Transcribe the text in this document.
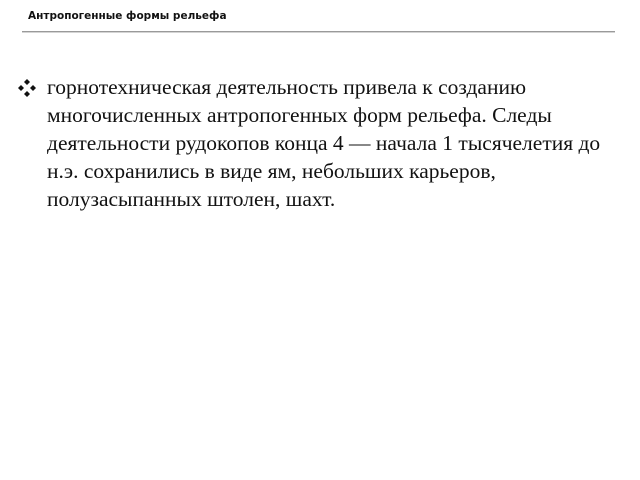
Антропогенные формы рельефа

горнотехническая деятельность привела к созданию многочисленных антропогенных форм рельефа. Следы деятельности рудокопов конца 4 — начала 1 тысячелетия до н.э. сохранились в виде ям, небольших карьеров, полузасыпанных штолен, шахт.
